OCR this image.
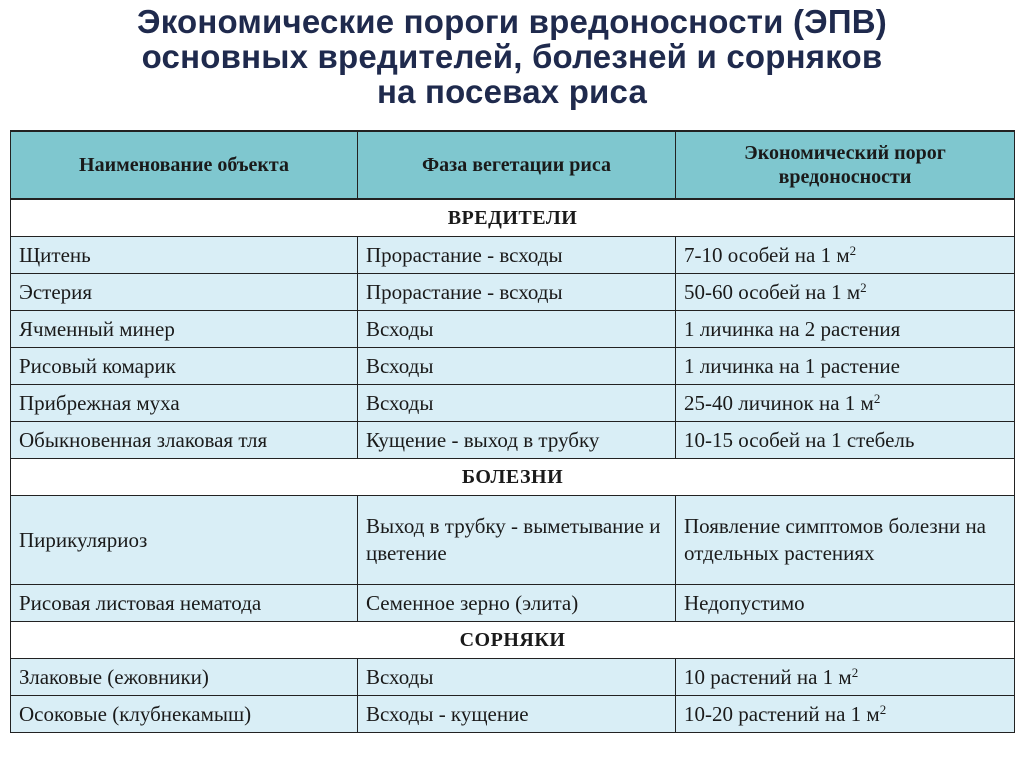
Экономические пороги вредоносности (ЭПВ)
основных вредителей, болезней и сорняков
на посевах риса
Наименование объекта	Фаза вегетации риса	Экономический порог вредоносности
ВРЕДИТЕЛИ		
Щитень	Прорастание - всходы	7-10 особей на 1 $м^2$
Эстерия	Прорастание - всходы	50-60 особей на 1 $м^2$
Ячменный минер	Всходы	1 личинка на 2 растения
Рисовый комарик	Всходы	1 личинка на 1 растение
Прибрежная муха	Всходы	25-40 личинок на 1 $м^2$
Обыкновенная злаковая тля	Кущение - выход в трубку	10-15 особей на 1 стебель
БОЛЕЗНИ		
Пирикуляриоз	Выход в трубку - выметывание и цветение	Появление симптомов болезни на отдельных растениях
Рисовая листовая нематода	Семенное зерно (элита)	Недопустимо
СОРНЯКИ		
Злаковые (ежовники)	Всходы	10 растений на 1 $м^2$
Осоковые (клубнекамыш)	Всходы - кущение	10-20 растений на 1 $м^2$
